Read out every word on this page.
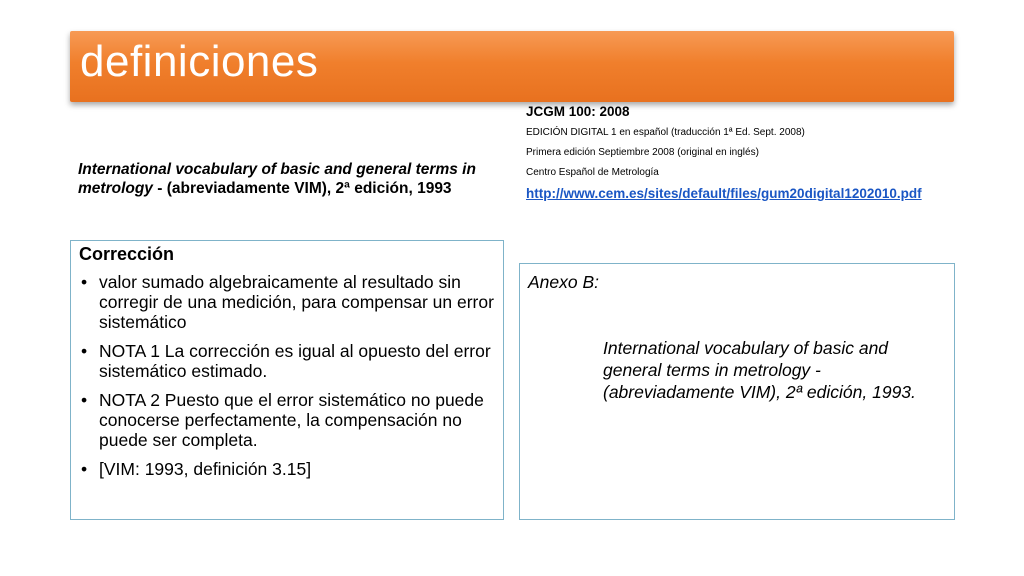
definiciones
International vocabulary of basic and general terms in metrology - (abreviadamente VIM), 2ª edición, 1993
JCGM 100: 2008
EDICIÓN DIGITAL 1 en español (traducción 1ª Ed. Sept. 2008)
Primera edición Septiembre 2008 (original en inglés)
Centro Español de Metrología
http://www.cem.es/sites/default/files/gum20digital1202010.pdf
Corrección
• valor sumado algebraicamente al resultado sin corregir de una medición, para compensar un error sistemático
• NOTA 1 La corrección es igual al opuesto del error sistemático estimado.
• NOTA 2 Puesto que el error sistemático no puede conocerse perfectamente, la compensación no puede ser completa.
• [VIM: 1993, definición 3.15]
Anexo B:
International vocabulary of basic and general terms in metrology - (abreviadamente VIM), 2ª edición, 1993.
